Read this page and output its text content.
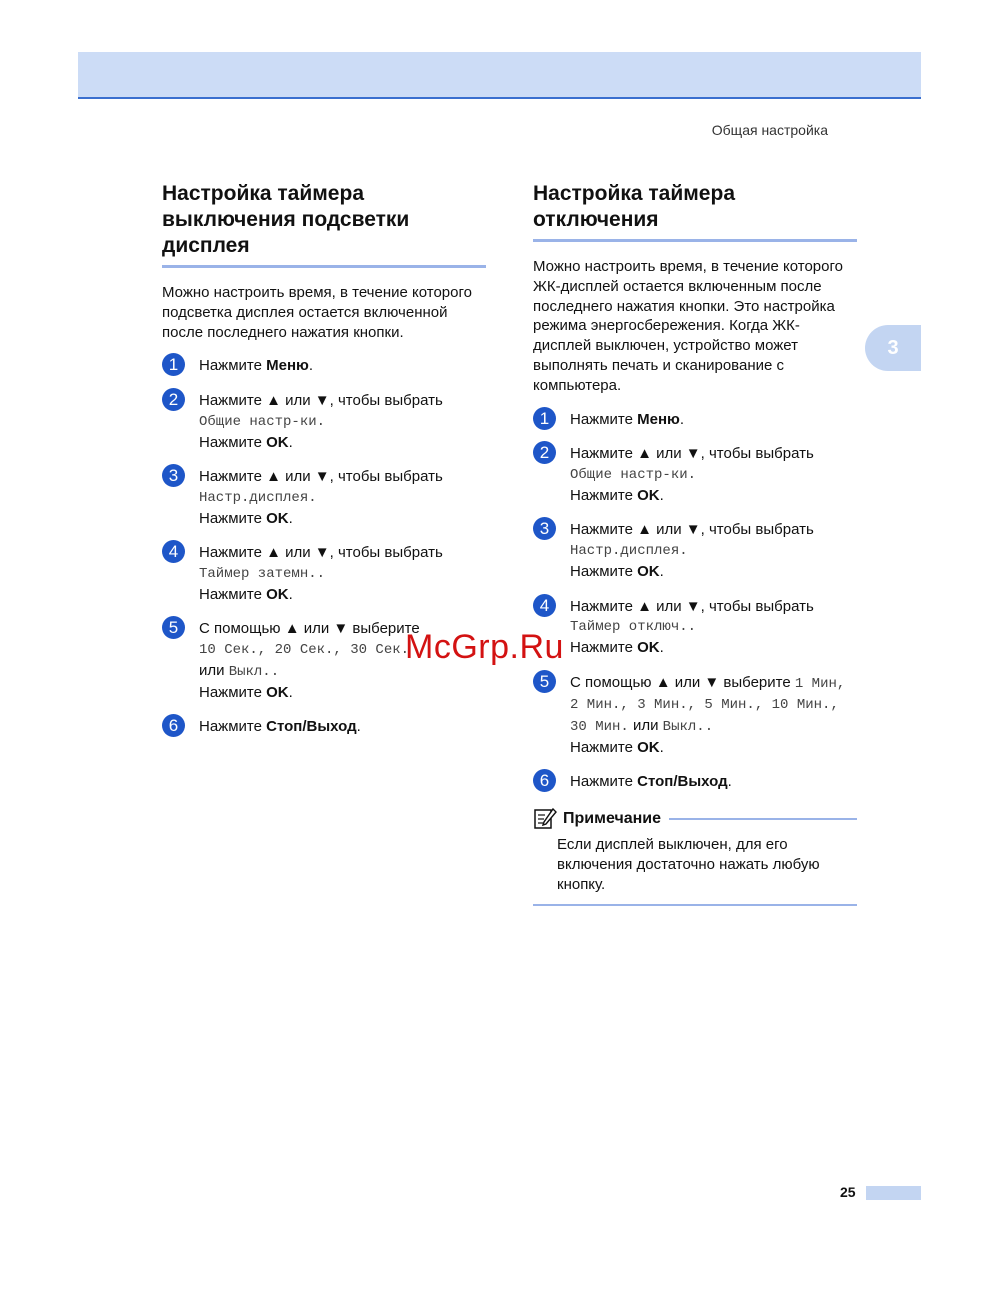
Общая настройка
3
Настройка таймера выключения подсветки дисплея
Можно настроить время, в течение которого подсветка дисплея остается включенной после последнего нажатия кнопки.
1	Нажмите Меню.
2	Нажмите ▲ или ▼, чтобы выбрать
Общие настр-ки.
Нажмите OK.
3	Нажмите ▲ или ▼, чтобы выбрать
Настр.дисплея.
Нажмите OK.
4	Нажмите ▲ или ▼, чтобы выбрать
Таймер затемн..
Нажмите OK.
5	С помощью ▲ или ▼ выберите
10 Сек., 20 Сек., 30 Сек.
или Выкл..
Нажмите OK.
6	Нажмите Стоп/Выход.
Настройка таймера отключения
Можно настроить время, в течение которого ЖК-дисплей остается включенным после последнего нажатия кнопки. Это настройка режима энергосбережения. Когда ЖК-дисплей выключен, устройство может выполнять печать и сканирование с компьютера.
1	Нажмите Меню.
2	Нажмите ▲ или ▼, чтобы выбрать
Общие настр-ки.
Нажмите OK.
3	Нажмите ▲ или ▼, чтобы выбрать
Настр.дисплея.
Нажмите OK.
4	Нажмите ▲ или ▼, чтобы выбрать
Таймер отключ..
Нажмите OK.
5	С помощью ▲ или ▼ выберите 1 Мин, 2 Мин., 3 Мин., 5 Мин., 10 Мин., 30 Мин. или Выкл..
Нажмите OK.
6	Нажмите Стоп/Выход.
Примечание
Если дисплей выключен, для его включения достаточно нажать любую кнопку.
McGrp.Ru
25
